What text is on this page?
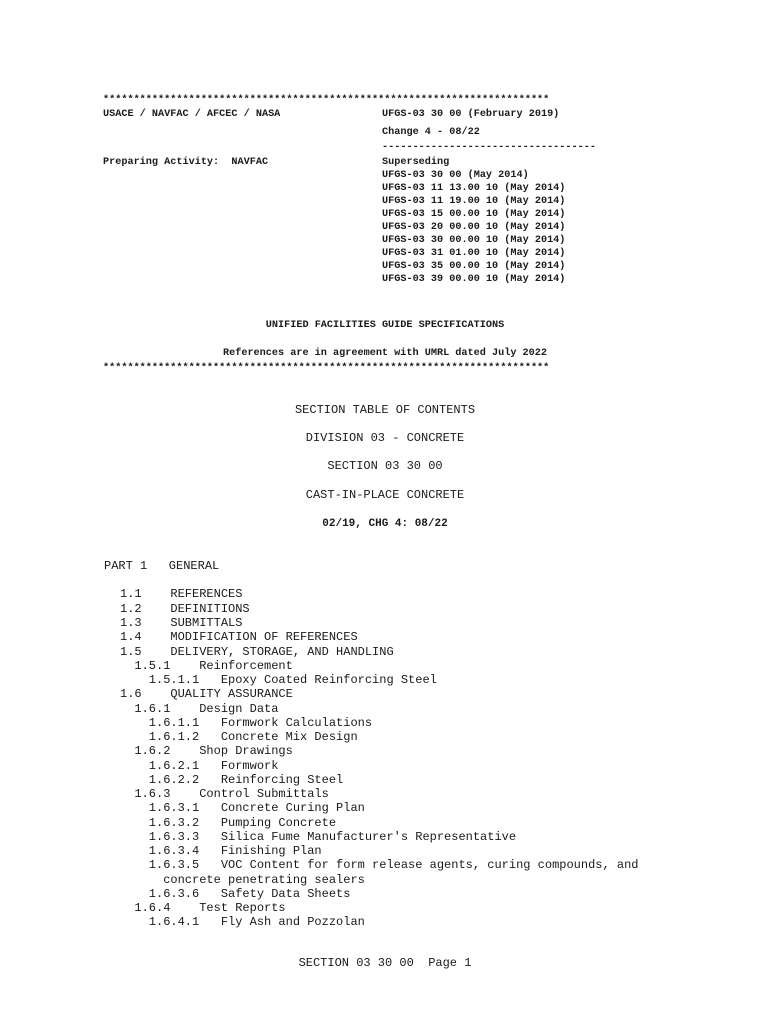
*************************************************************************
USACE / NAVFAC / AFCEC / NASA	UFGS-03 30 00 (February 2019)
Change 4 - 08/22
-----------------------------------
Preparing Activity:  NAVFAC	Superseding
UFGS-03 30 00 (May 2014)
UFGS-03 11 13.00 10 (May 2014)
UFGS-03 11 19.00 10 (May 2014)
UFGS-03 15 00.00 10 (May 2014)
UFGS-03 20 00.00 10 (May 2014)
UFGS-03 30 00.00 10 (May 2014)
UFGS-03 31 01.00 10 (May 2014)
UFGS-03 35 00.00 10 (May 2014)
UFGS-03 39 00.00 10 (May 2014)
UNIFIED FACILITIES GUIDE SPECIFICATIONS
References are in agreement with UMRL dated July 2022
*************************************************************************
SECTION TABLE OF CONTENTS
DIVISION 03 - CONCRETE
SECTION 03 30 00
CAST-IN-PLACE CONCRETE
02/19, CHG 4: 08/22
PART 1   GENERAL
1.1    REFERENCES
1.2    DEFINITIONS
1.3    SUBMITTALS
1.4    MODIFICATION OF REFERENCES
1.5    DELIVERY, STORAGE, AND HANDLING
1.5.1    Reinforcement
1.5.1.1   Epoxy Coated Reinforcing Steel
1.6    QUALITY ASSURANCE
1.6.1    Design Data
1.6.1.1   Formwork Calculations
1.6.1.2   Concrete Mix Design
1.6.2    Shop Drawings
1.6.2.1   Formwork
1.6.2.2   Reinforcing Steel
1.6.3    Control Submittals
1.6.3.1   Concrete Curing Plan
1.6.3.2   Pumping Concrete
1.6.3.3   Silica Fume Manufacturer's Representative
1.6.3.4   Finishing Plan
1.6.3.5   VOC Content for form release agents, curing compounds, and
concrete penetrating sealers
1.6.3.6   Safety Data Sheets
1.6.4    Test Reports
1.6.4.1   Fly Ash and Pozzolan
SECTION 03 30 00  Page 1
